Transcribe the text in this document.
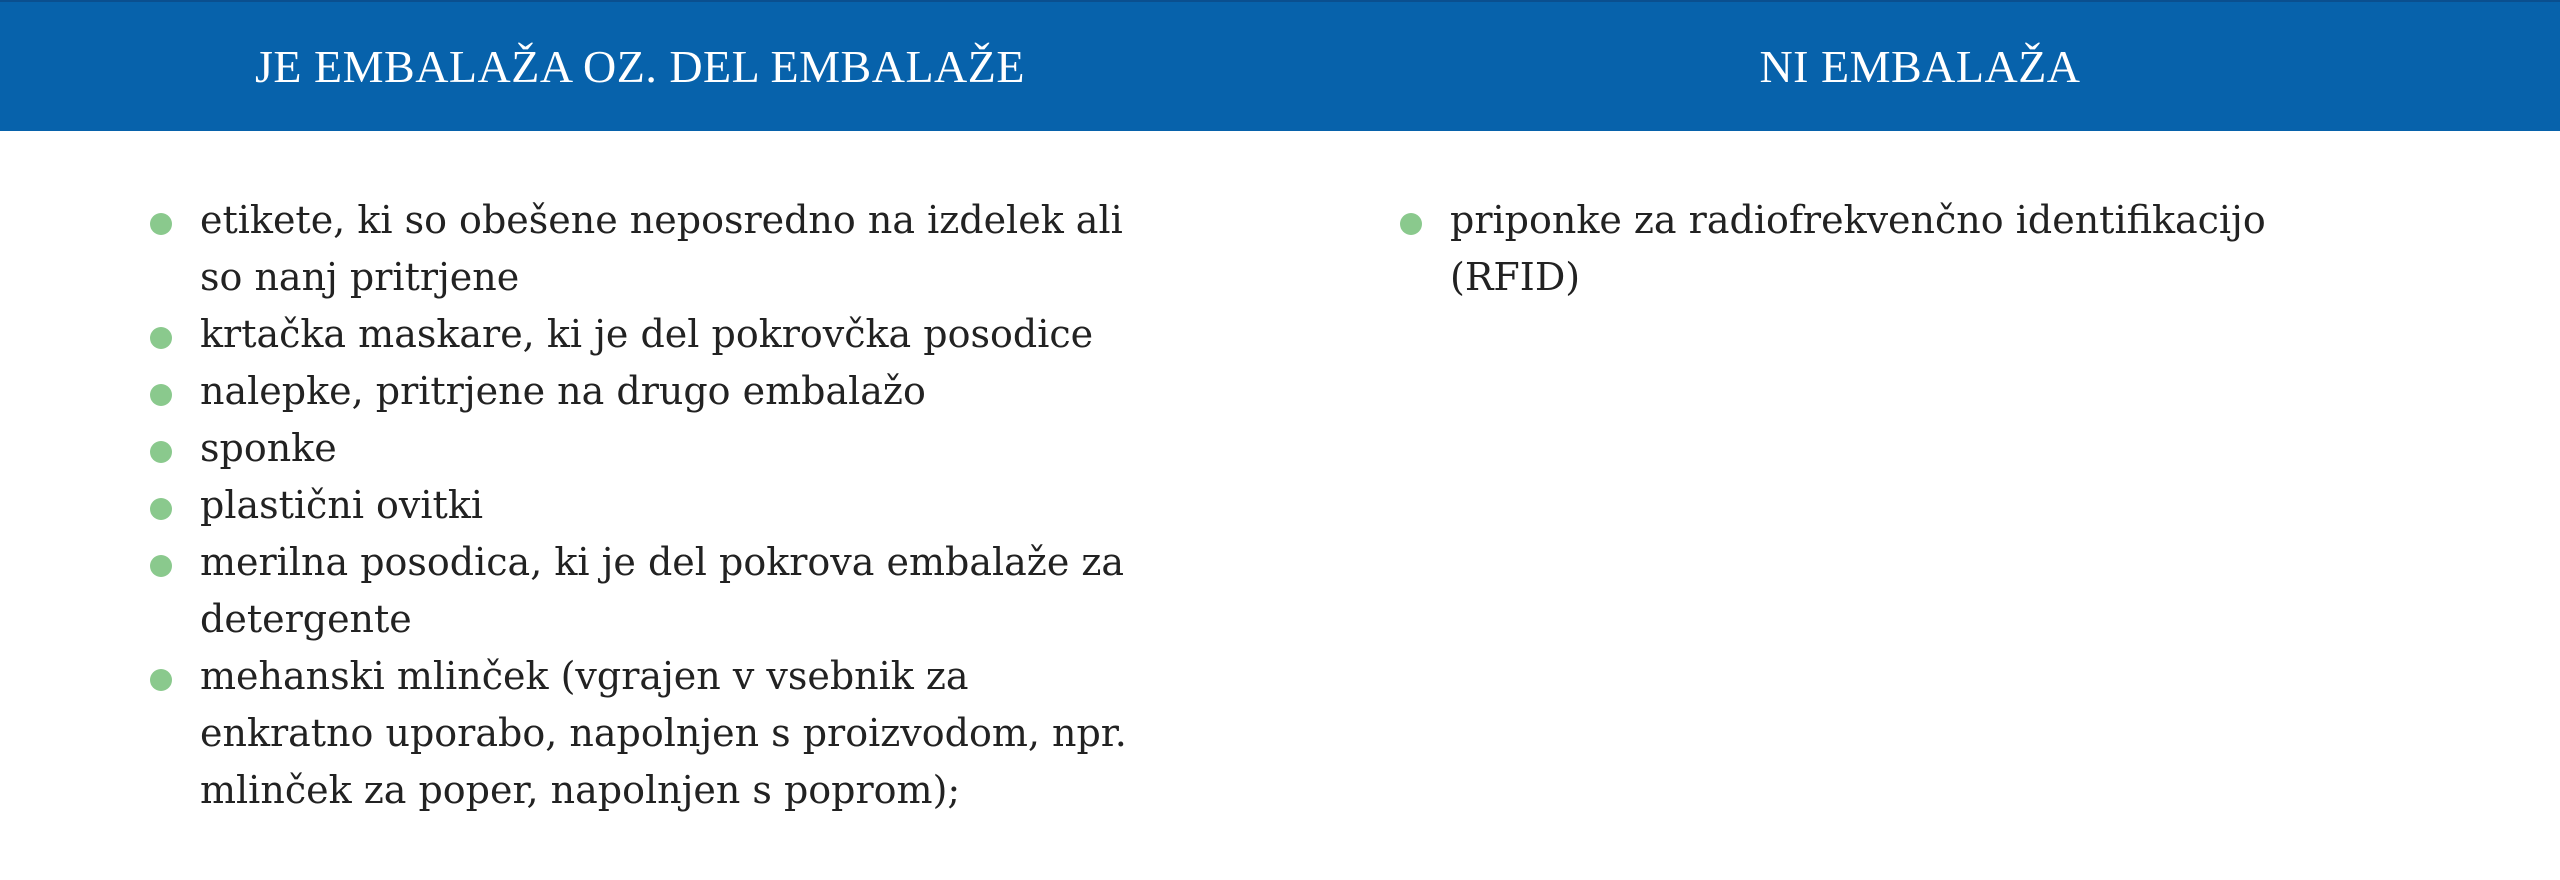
JE EMBALAŽA OZ. DEL EMBALAŽE	NI EMBALAŽA
etikete, ki so obešene neposredno na izdelek ali so nanj pritrjene
krtačka maskare, ki je del pokrovčka posodice
nalepke, pritrjene na drugo embalažo
sponke
plastični ovitki
merilna posodica, ki je del pokrova embalaže za detergente
mehanski mlinček (vgrajen v vsebnik za enkratno uporabo, napolnjen s proizvodom, npr. mlinček za poper, napolnjen s poprom);
priponke za radiofrekvenčno identifikacijo (RFID)
